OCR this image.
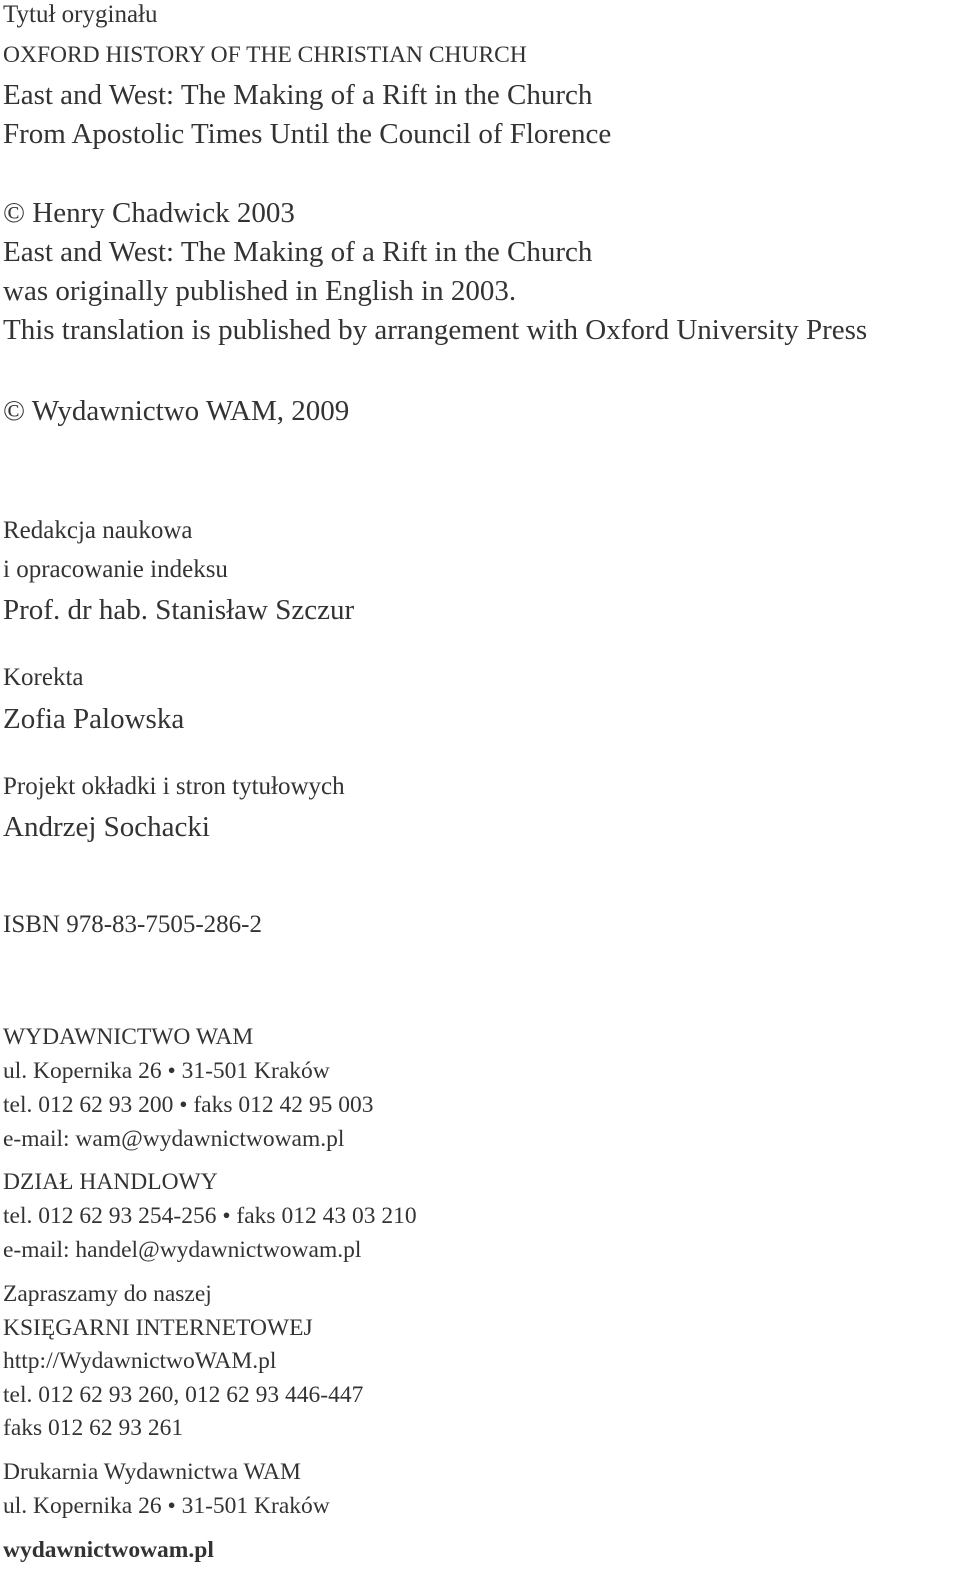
Tytuł oryginału
OXFORD HISTORY OF THE CHRISTIAN CHURCH
East and West: The Making of a Rift in the Church
From Apostolic Times Until the Council of Florence
© Henry Chadwick 2003
East and West: The Making of a Rift in the Church
was originally published in English in 2003.
This translation is published by arrangement with Oxford University Press
© Wydawnictwo WAM, 2009
Redakcja naukowa
i opracowanie indeksu
Prof. dr hab. Stanisław Szczur
Korekta
Zofia Palowska
Projekt okładki i stron tytułowych
Andrzej Sochacki
ISBN 978-83-7505-286-2
WYDAWNICTWO WAM
ul. Kopernika 26 • 31-501 Kraków
tel. 012 62 93 200 • faks 012 42 95 003
e-mail: wam@wydawnictwowam.pl
DZIAŁ HANDLOWY
tel. 012 62 93 254-256 • faks 012 43 03 210
e-mail: handel@wydawnictwowam.pl
Zapraszamy do naszej
KSIĘGARNI INTERNETOWEJ
http://WydawnictwoWAM.pl
tel. 012 62 93 260, 012 62 93 446-447
faks 012 62 93 261
Drukarnia Wydawnictwa WAM
ul. Kopernika 26 • 31-501 Kraków
wydawnictwowam.pl
